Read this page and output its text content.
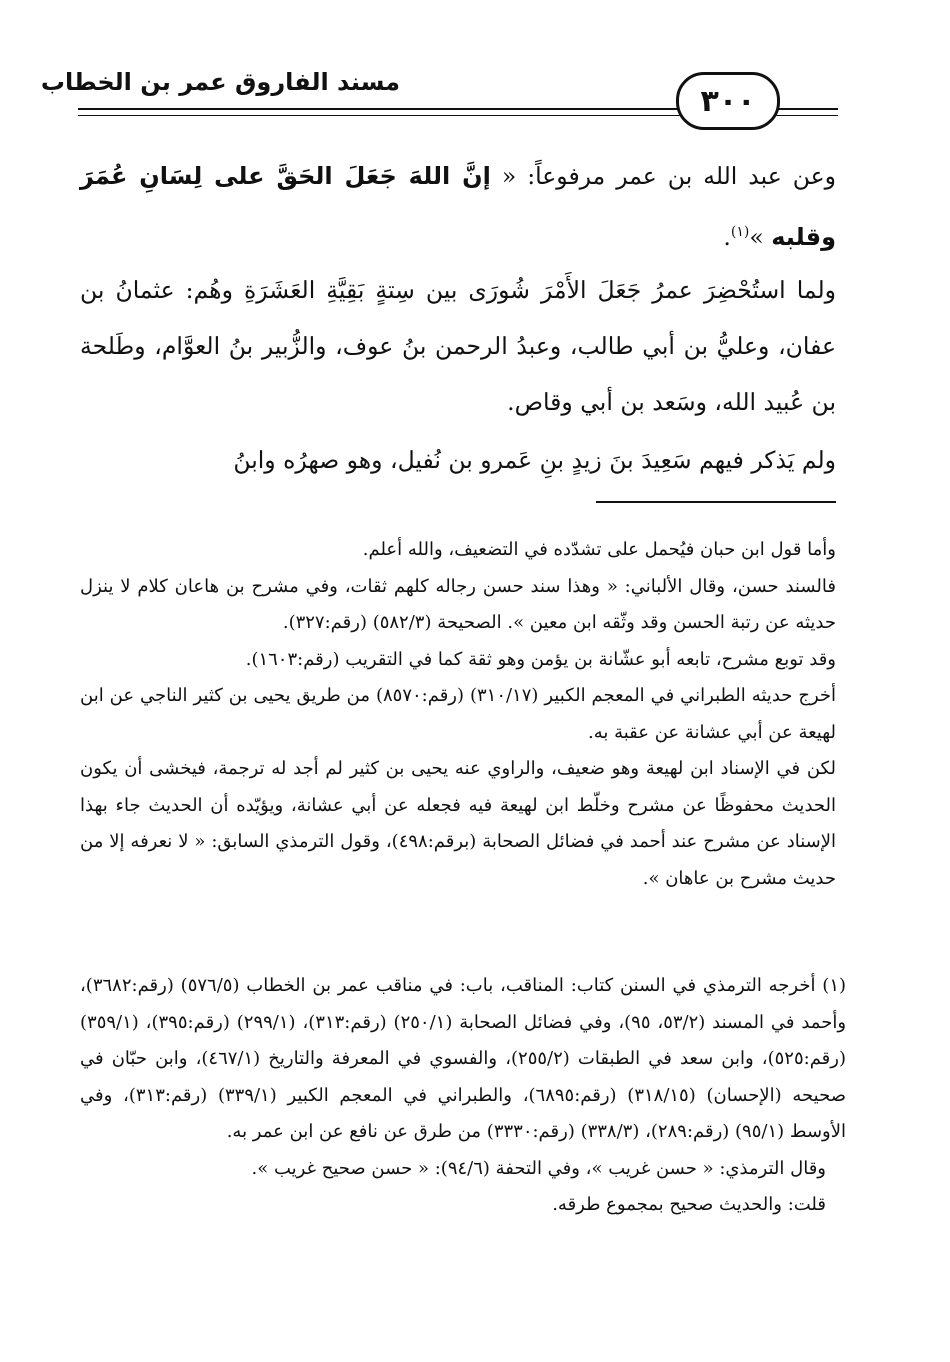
مسند الفاروق عمر بن الخطاب
٣٠٠

وعن عبد الله بن عمر مرفوعاً: « إنَّ اللهَ جَعَلَ الحَقَّ على لِسَانِ عُمَرَ وقلبه »$^{(١)}$.

ولما استُحْضِرَ عمرُ جَعَلَ الأَمْرَ شُورَى بين سِتةٍ بَقِيَّةِ العَشَرَةِ وهُم: عثمانُ بن عفان، وعليُّ بن أبي طالب، وعبدُ الرحمن بنُ عوف، والزُّبير بنُ العوَّام، وطَلحة بن عُبيد الله، وسَعد بن أبي وقاص.

ولم يَذكر فيهم سَعِيدَ بنَ زيدٍ بنِ عَمرو بن نُفيل، وهو صهرُه وابنُ

وأما قول ابن حبان فيُحمل على تشدّده في التضعيف، والله أعلم.

فالسند حسن، وقال الألباني: « وهذا سند حسن رجاله كلهم ثقات، وفي مشرح بن هاعان كلام لا ينزل حديثه عن رتبة الحسن وقد وثّقه ابن معين ». الصحيحة (٥٨٢/٣) (رقم:٣٢٧).

وقد توبع مشرح، تابعه أبو عشّانة بن يؤمن وهو ثقة كما في التقريب (رقم:١٦٠٣).

أخرج حديثه الطبراني في المعجم الكبير (٣١٠/١٧) (رقم:٨٥٧٠) من طريق يحيى بن كثير الناجي عن ابن لهيعة عن أبي عشانة عن عقبة به.

لكن في الإسناد ابن لهيعة وهو ضعيف، والراوي عنه يحيى بن كثير لم أجد له ترجمة، فيخشى أن يكون الحديث محفوظًا عن مشرح وخلّط ابن لهيعة فيه فجعله عن أبي عشانة، ويؤيّده أن الحديث جاء بهذا الإسناد عن مشرح عند أحمد في فضائل الصحابة (برقم:٤٩٨)، وقول الترمذي السابق: « لا نعرفه إلا من حديث مشرح بن عاهان ».

(١) أخرجه الترمذي في السنن كتاب: المناقب، باب: في مناقب عمر بن الخطاب (٥٧٦/٥) (رقم:٣٦٨٢)، وأحمد في المسند (٥٣/٢، ٩٥)، وفي فضائل الصحابة (٢٥٠/١) (رقم:٣١٣)، (٢٩٩/١) (رقم:٣٩٥)، (٣٥٩/١) (رقم:٥٢٥)، وابن سعد في الطبقات (٢٥٥/٢)، والفسوي في المعرفة والتاريخ (٤٦٧/١)، وابن حبّان في صحيحه (الإحسان) (٣١٨/١٥) (رقم:٦٨٩٥)، والطبراني في المعجم الكبير (٣٣٩/١) (رقم:٣١٣)، وفي الأوسط (٩٥/١) (رقم:٢٨٩)، (٣٣٨/٣) (رقم:٣٣٣٠) من طرق عن نافع عن ابن عمر به.

وقال الترمذي: « حسن غريب »، وفي التحفة (٩٤/٦): « حسن صحيح غريب ».

قلت: والحديث صحيح بمجموع طرقه.
